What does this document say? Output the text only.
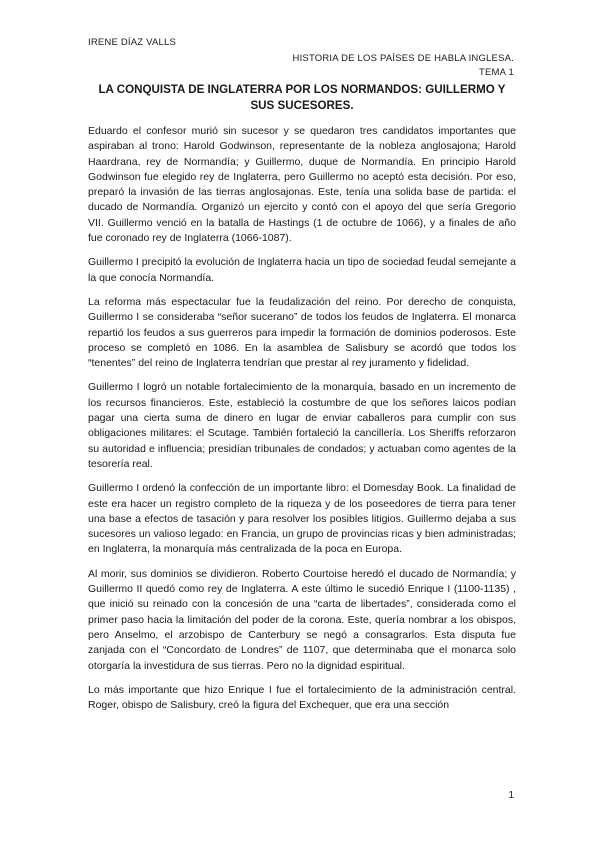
IRENE DÍAZ VALLS
HISTORIA DE LOS PAÍSES DE HABLA INGLESA.
TEMA 1
LA CONQUISTA DE INGLATERRA POR LOS NORMANDOS: GUILLERMO Y SUS SUCESORES.

Eduardo el confesor murió sin sucesor y se quedaron tres candidatos importantes que aspiraban al trono: Harold Godwinson, representante de la nobleza anglosajona; Harold Haardrana, rey de Normandía; y Guillermo, duque de Normandía. En principio Harold Godwinson fue elegido rey de Inglaterra, pero Guillermo no aceptó esta decisión. Por eso, preparó la invasión de las tierras anglosajonas. Este, tenía una solida base de partida: el ducado de Normandía. Organizó un ejercito y contó con el apoyo del que sería Gregorio VII. Guillermo venció en la batalla de Hastings (1 de octubre de 1066), y a finales de año fue coronado rey de Inglaterra (1066-1087).

Guillermo I precipitó la evolución de Inglaterra hacia un tipo de sociedad feudal semejante a la que conocía Normandía.

La reforma más espectacular fue la feudalización del reino. Por derecho de conquista, Guillermo I se consideraba “señor sucerano” de todos los feudos de Inglaterra. El monarca repartió los feudos a sus guerreros para impedir la formación de dominios poderosos. Este proceso se completó en 1086. En la asamblea de Salisbury se acordó que todos los “tenentes” del reino de Inglaterra tendrían que prestar al rey juramento y fidelidad.

Guillermo I logró un notable fortalecimiento de la monarquía, basado en un incremento de los recursos financieros. Este, estableció la costumbre de que los señores laicos podían pagar una cierta suma de dinero en lugar de enviar caballeros para cumplir con sus obligaciones militares: el Scutage. También fortaleció la cancillería. Los Sheriffs reforzaron su autoridad e influencia; presidían tribunales de condados; y actuaban como agentes de la tesorería real.

Guillermo I ordenó la confección de un importante libro: el Domesday Book. La finalidad de este era hacer un registro completo de la riqueza y de los poseedores de tierra para tener una base a efectos de tasación y para resolver los posibles litigios. Guillermo dejaba a sus sucesores un valioso legado: en Francia, un grupo de provincias ricas y bien administradas; en Inglaterra, la monarquía más centralizada de la poca en Europa.

Al morir, sus dominios se dividieron. Roberto Courtoise heredó el ducado de Normandía; y Guillermo II quedó como rey de Inglaterra. A este último le sucedió Enrique I (1100-1135) , que inició su reinado con la concesión de una “carta de libertades”, considerada como el primer paso hacia la limitación del poder de la corona. Este, quería nombrar a los obispos, pero Anselmo, el arzobispo de Canterbury se negó a consagrarlos. Esta disputa fue zanjada con el “Concordato de Londres” de 1107, que determinaba que el monarca solo otorgaría la investidura de sus tierras. Pero no la dignidad espiritual.

Lo más importante que hizo Enrique I fue el fortalecimiento de la administración central. Roger, obispo de Salisbury, creó la figura del Exchequer, que era una sección

1
